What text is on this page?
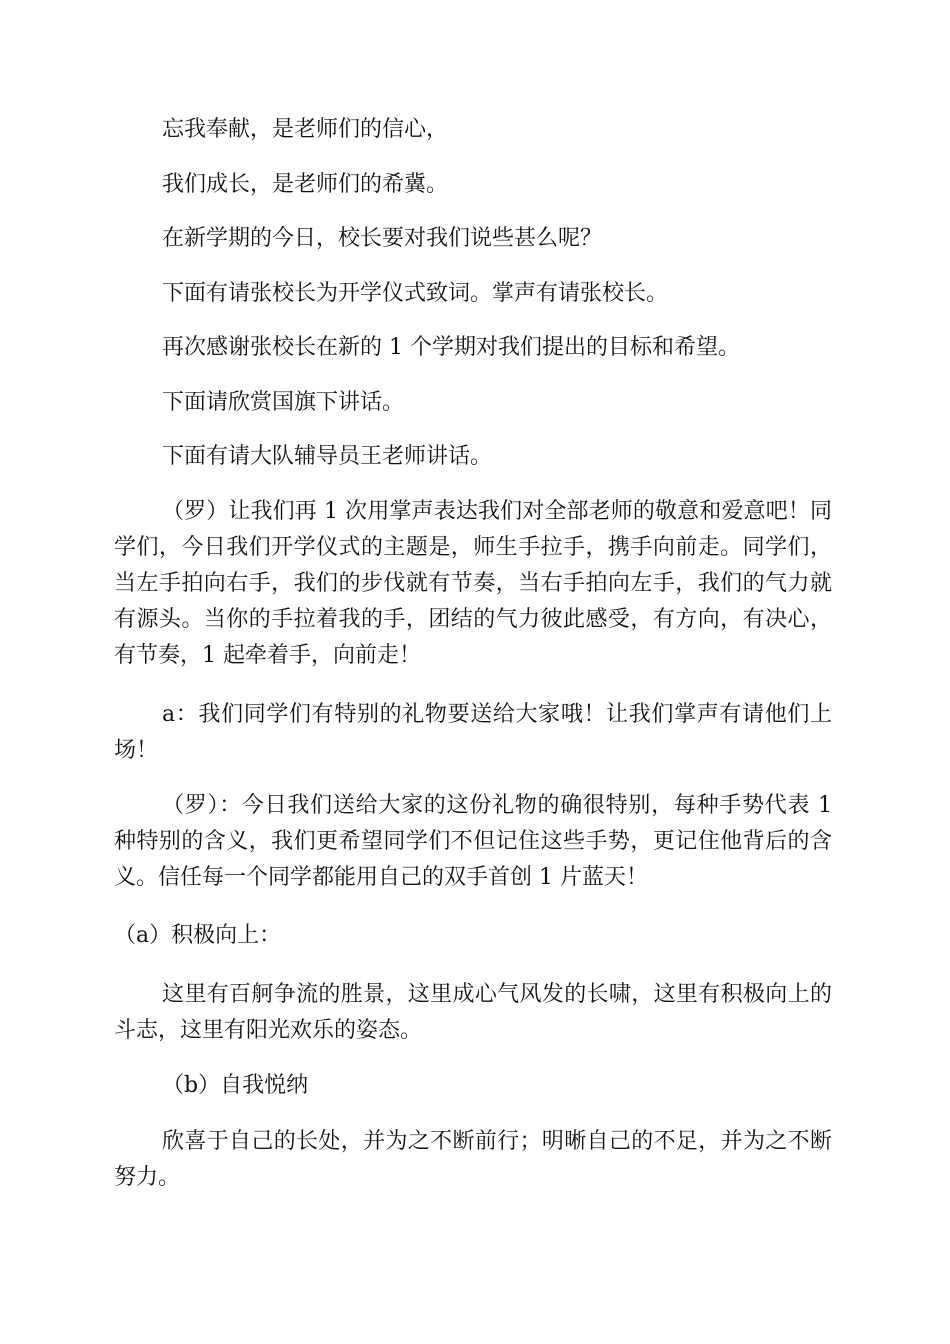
忘我奉献，是老师们的信心，

我们成长，是老师们的希冀。

在新学期的今日，校长要对我们说些甚么呢？

下面有请张校长为开学仪式致词。掌声有请张校长。

再次感谢张校长在新的 1 个学期对我们提出的目标和希望。

下面请欣赏国旗下讲话。

下面有请大队辅导员王老师讲话。

（罗）让我们再 1 次用掌声表达我们对全部老师的敬意和爱意吧！同学们，今日我们开学仪式的主题是，师生手拉手，携手向前走。同学们，当左手拍向右手，我们的步伐就有节奏，当右手拍向左手，我们的气力就有源头。当你的手拉着我的手，团结的气力彼此感受，有方向，有决心，有节奏，1 起牵着手，向前走！

a：我们同学们有特别的礼物要送给大家哦！让我们掌声有请他们上场！

（罗）：今日我们送给大家的这份礼物的确很特别，每种手势代表 1 种特别的含义，我们更希望同学们不但记住这些手势，更记住他背后的含义。信任每一个同学都能用自己的双手首创 1 片蓝天！

（a）积极向上：

这里有百舸争流的胜景，这里成心气风发的长啸，这里有积极向上的斗志，这里有阳光欢乐的姿态。

（b）自我悦纳

欣喜于自己的长处，并为之不断前行；明晰自己的不足，并为之不断努力。
